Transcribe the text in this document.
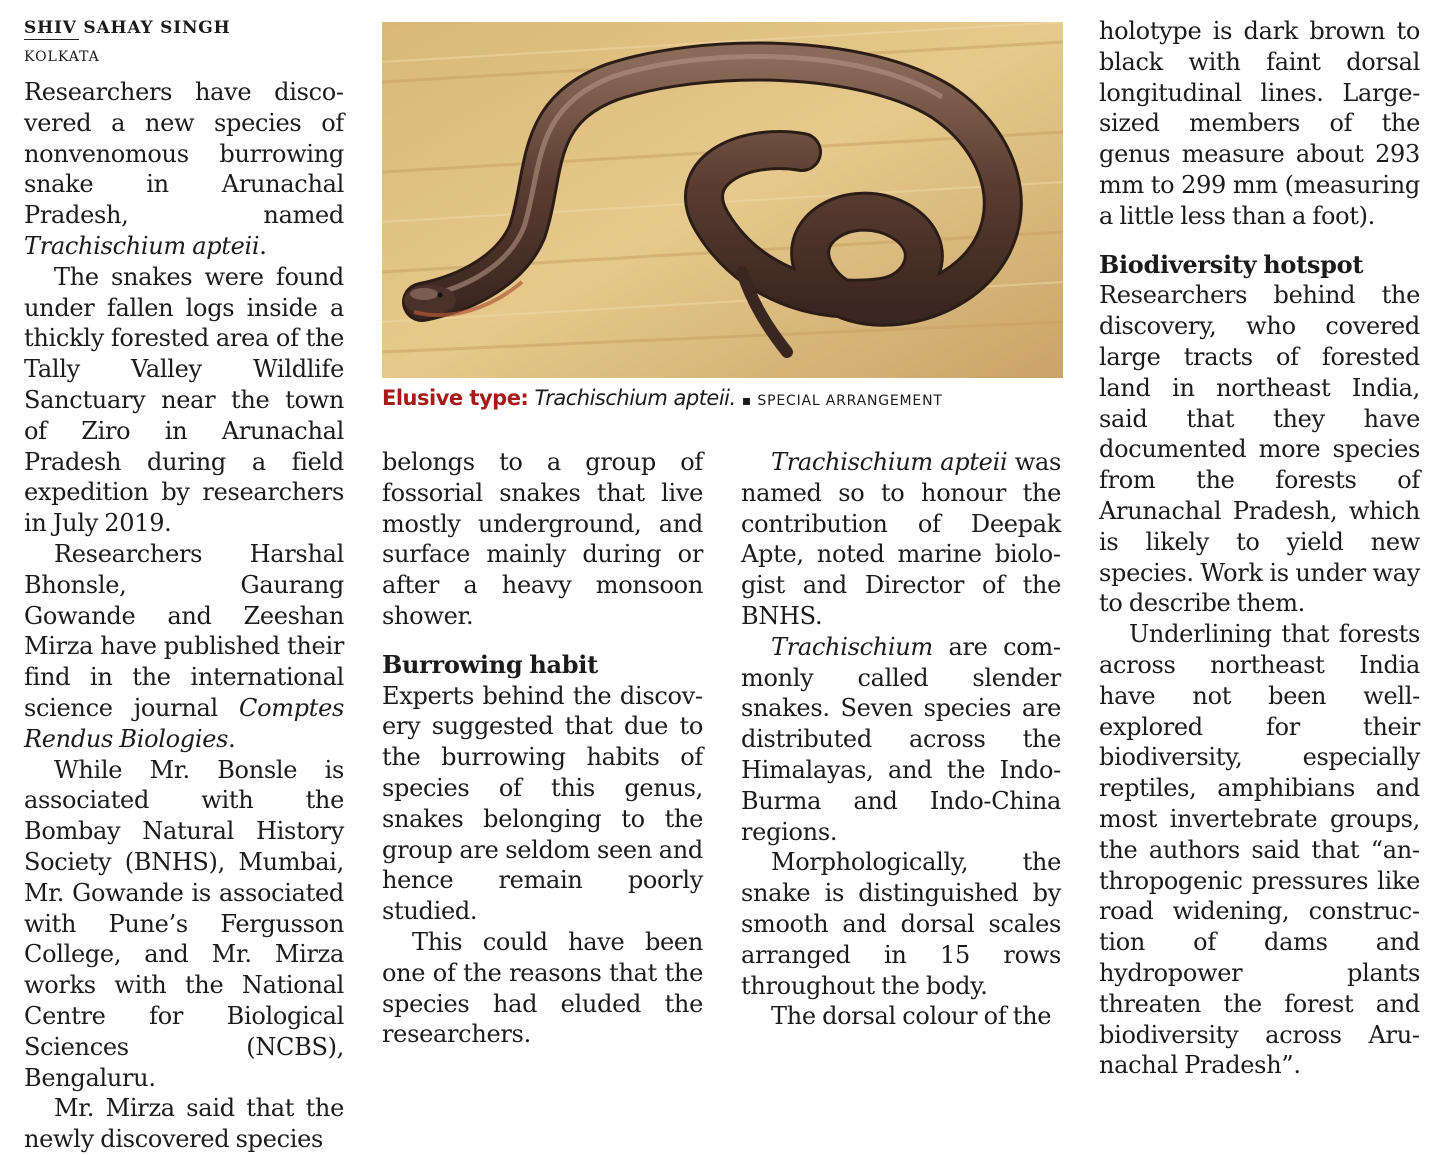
SHIV SAHAY SINGH
KOLKATA

Researchers have discovered a new species of nonvenomous burrowing snake in Arunachal Pradesh, named Trachischium apteii.

The snakes were found under fallen logs inside a thickly forested area of the Tally Valley Wildlife Sanctuary near the town of Ziro in Arunachal Pradesh during a field expedition by researchers in July 2019.

Researchers Harshal Bhonsle, Gaurang Gowande and Zeeshan Mirza have published their find in the international science journal Comptes Rendus Biologies.

While Mr. Bonsle is associated with the Bombay Natural History Society (BNHS), Mumbai, Mr. Gowande is associated with Pune’s Fergusson College, and Mr. Mirza works with the National Centre for Biological Sciences (NCBS), Bengaluru.

Mr. Mirza said that the newly discovered species

Elusive type: Trachischium apteii. ▪ SPECIAL ARRANGEMENT

belongs to a group of fossorial snakes that live mostly underground, and surface mainly during or after a heavy monsoon shower.

Burrowing habit

Experts behind the discovery suggested that due to the burrowing habits of species of this genus, snakes belonging to the group are seldom seen and hence remain poorly studied.

This could have been one of the reasons that the species had eluded the researchers.

Trachischium apteii was named so to honour the contribution of Deepak Apte, noted marine biologist and Director of the BNHS.

Trachischium are commonly called slender snakes. Seven species are distributed across the Himalayas, and the Indo-Burma and Indo-China regions.

Morphologically, the snake is distinguished by smooth and dorsal scales arranged in 15 rows throughout the body.

The dorsal colour of the

holotype is dark brown to black with faint dorsal longitudinal lines. Large-sized members of the genus measure about 293 mm to 299 mm (measuring a little less than a foot).

Biodiversity hotspot

Researchers behind the discovery, who covered large tracts of forested land in northeast India, said that they have documented more species from the forests of Arunachal Pradesh, which is likely to yield new species. Work is under way to describe them.

Underlining that forests across northeast India have not been well-explored for their biodiversity, especially reptiles, amphibians and most invertebrate groups, the authors said that “anthropogenic pressures like road widening, construction of dams and hydropower plants threaten the forest and biodiversity across Arunachal Pradesh”.
